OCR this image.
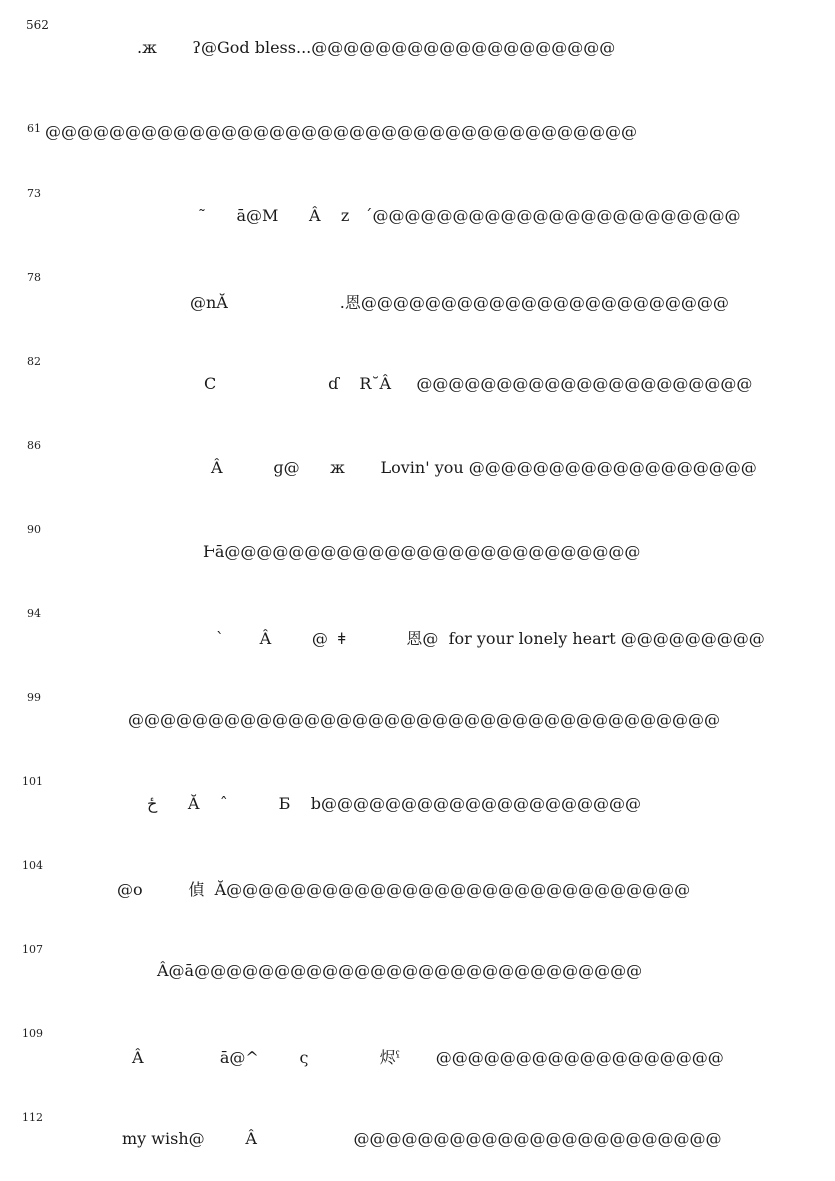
562
.ж       ʔ@God bless...@@@@@@@@@@@@@@@@@@@
61 @@@@@@@@@@@@@@@@@@@@@@@@@@@@@@@@@@@@@
73
˜      ā@M      Â    z   ´@@@@@@@@@@@@@@@@@@@@@@@
78
@nĂ                      .恩@@@@@@@@@@@@@@@@@@@@@@@
82
C                      ɗ    R˘Â     @@@@@@@@@@@@@@@@@@@@@
86
Â          ɡ@      ж       Lovin' you @@@@@@@@@@@@@@@@@@
90
Ͱā@@@@@@@@@@@@@@@@@@@@@@@@@@
94
`       Â        @  ǂ            恩@  for your lonely heart @@@@@@@@@
99
@@@@@@@@@@@@@@@@@@@@@@@@@@@@@@@@@@@@@
101
ځ      Ă    ˆ          Б    b@@@@@@@@@@@@@@@@@@@@
104
@o         偵  Ă@@@@@@@@@@@@@@@@@@@@@@@@@@@@@
107
Â@ā@@@@@@@@@@@@@@@@@@@@@@@@@@@@
109
Â               ā@^        ς              烬ˤ       @@@@@@@@@@@@@@@@@@
112
my wish@        Â                   @@@@@@@@@@@@@@@@@@@@@@@
